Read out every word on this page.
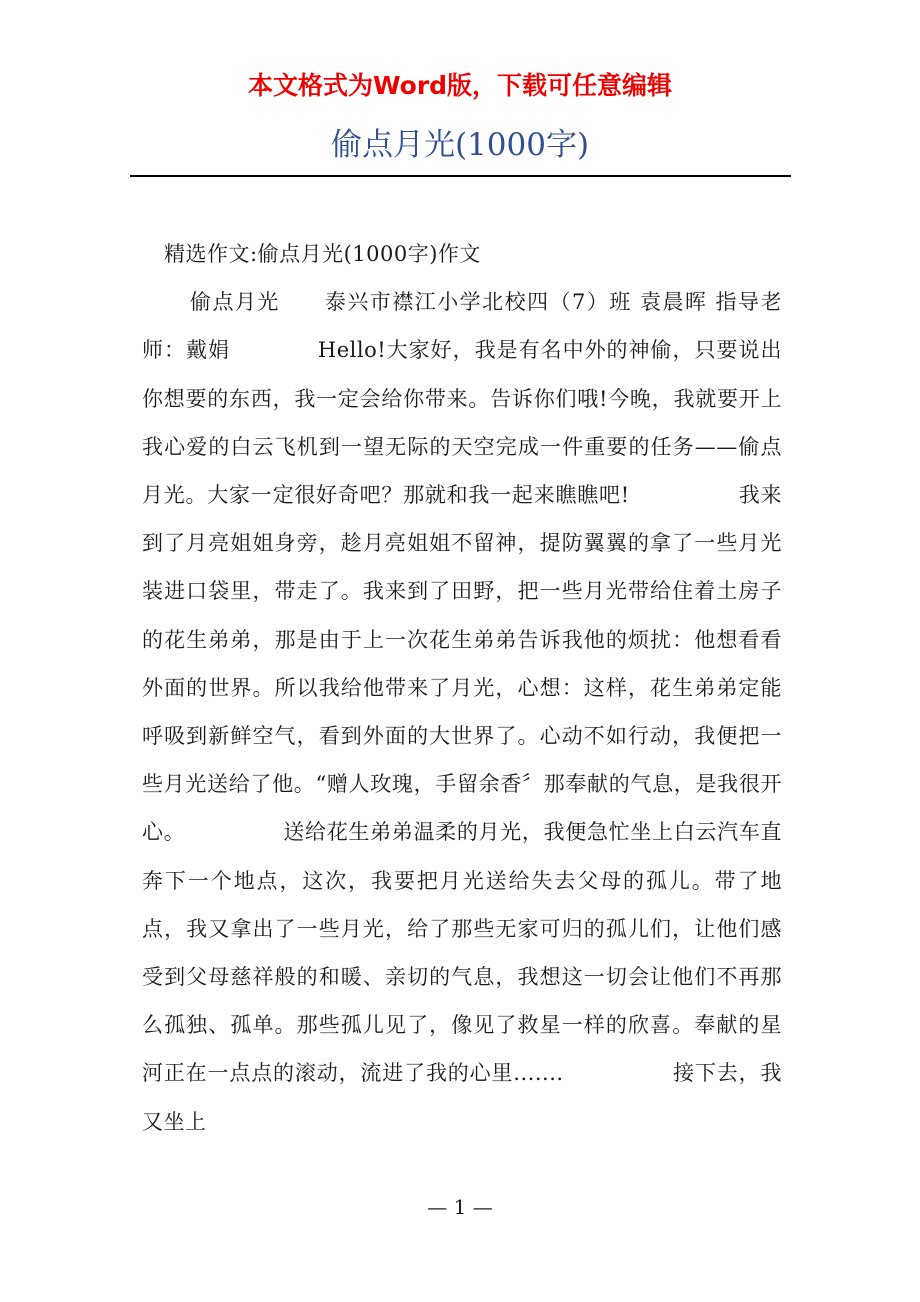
本文格式为Word版，下载可任意编辑
偷点月光(1000字)

精选作文:偷点月光(1000字)作文

偷点月光　　泰兴市襟江小学北校四（7）班 袁晨晖 指导老师：戴娟　　　　Hello!大家好，我是有名中外的神偷，只要说出你想要的东西，我一定会给你带来。告诉你们哦!今晚，我就要开上我心爱的白云飞机到一望无际的天空完成一件重要的任务——偷点月光。大家一定很好奇吧？那就和我一起来瞧瞧吧!　　　　　我来到了月亮姐姐身旁，趁月亮姐姐不留神，提防翼翼的拿了一些月光装进口袋里，带走了。我来到了田野，把一些月光带给住着土房子的花生弟弟，那是由于上一次花生弟弟告诉我他的烦扰：他想看看外面的世界。所以我给他带来了月光，心想：这样，花生弟弟定能呼吸到新鲜空气，看到外面的大世界了。心动不如行动，我便把一些月光送给了他。“赠人玫瑰，手留余香〞那奉献的气息，是我很开心。　　　　　送给花生弟弟温柔的月光，我便急忙坐上白云汽车直奔下一个地点，这次，我要把月光送给失去父母的孤儿。带了地点，我又拿出了一些月光，给了那些无家可归的孤儿们，让他们感受到父母慈祥般的和暖、亲切的气息，我想这一切会让他们不再那么孤独、孤单。那些孤儿见了，像见了救星一样的欣喜。奉献的星河正在一点点的滚动，流进了我的心里.......　　　　　接下去，我又坐上

— 1 —
